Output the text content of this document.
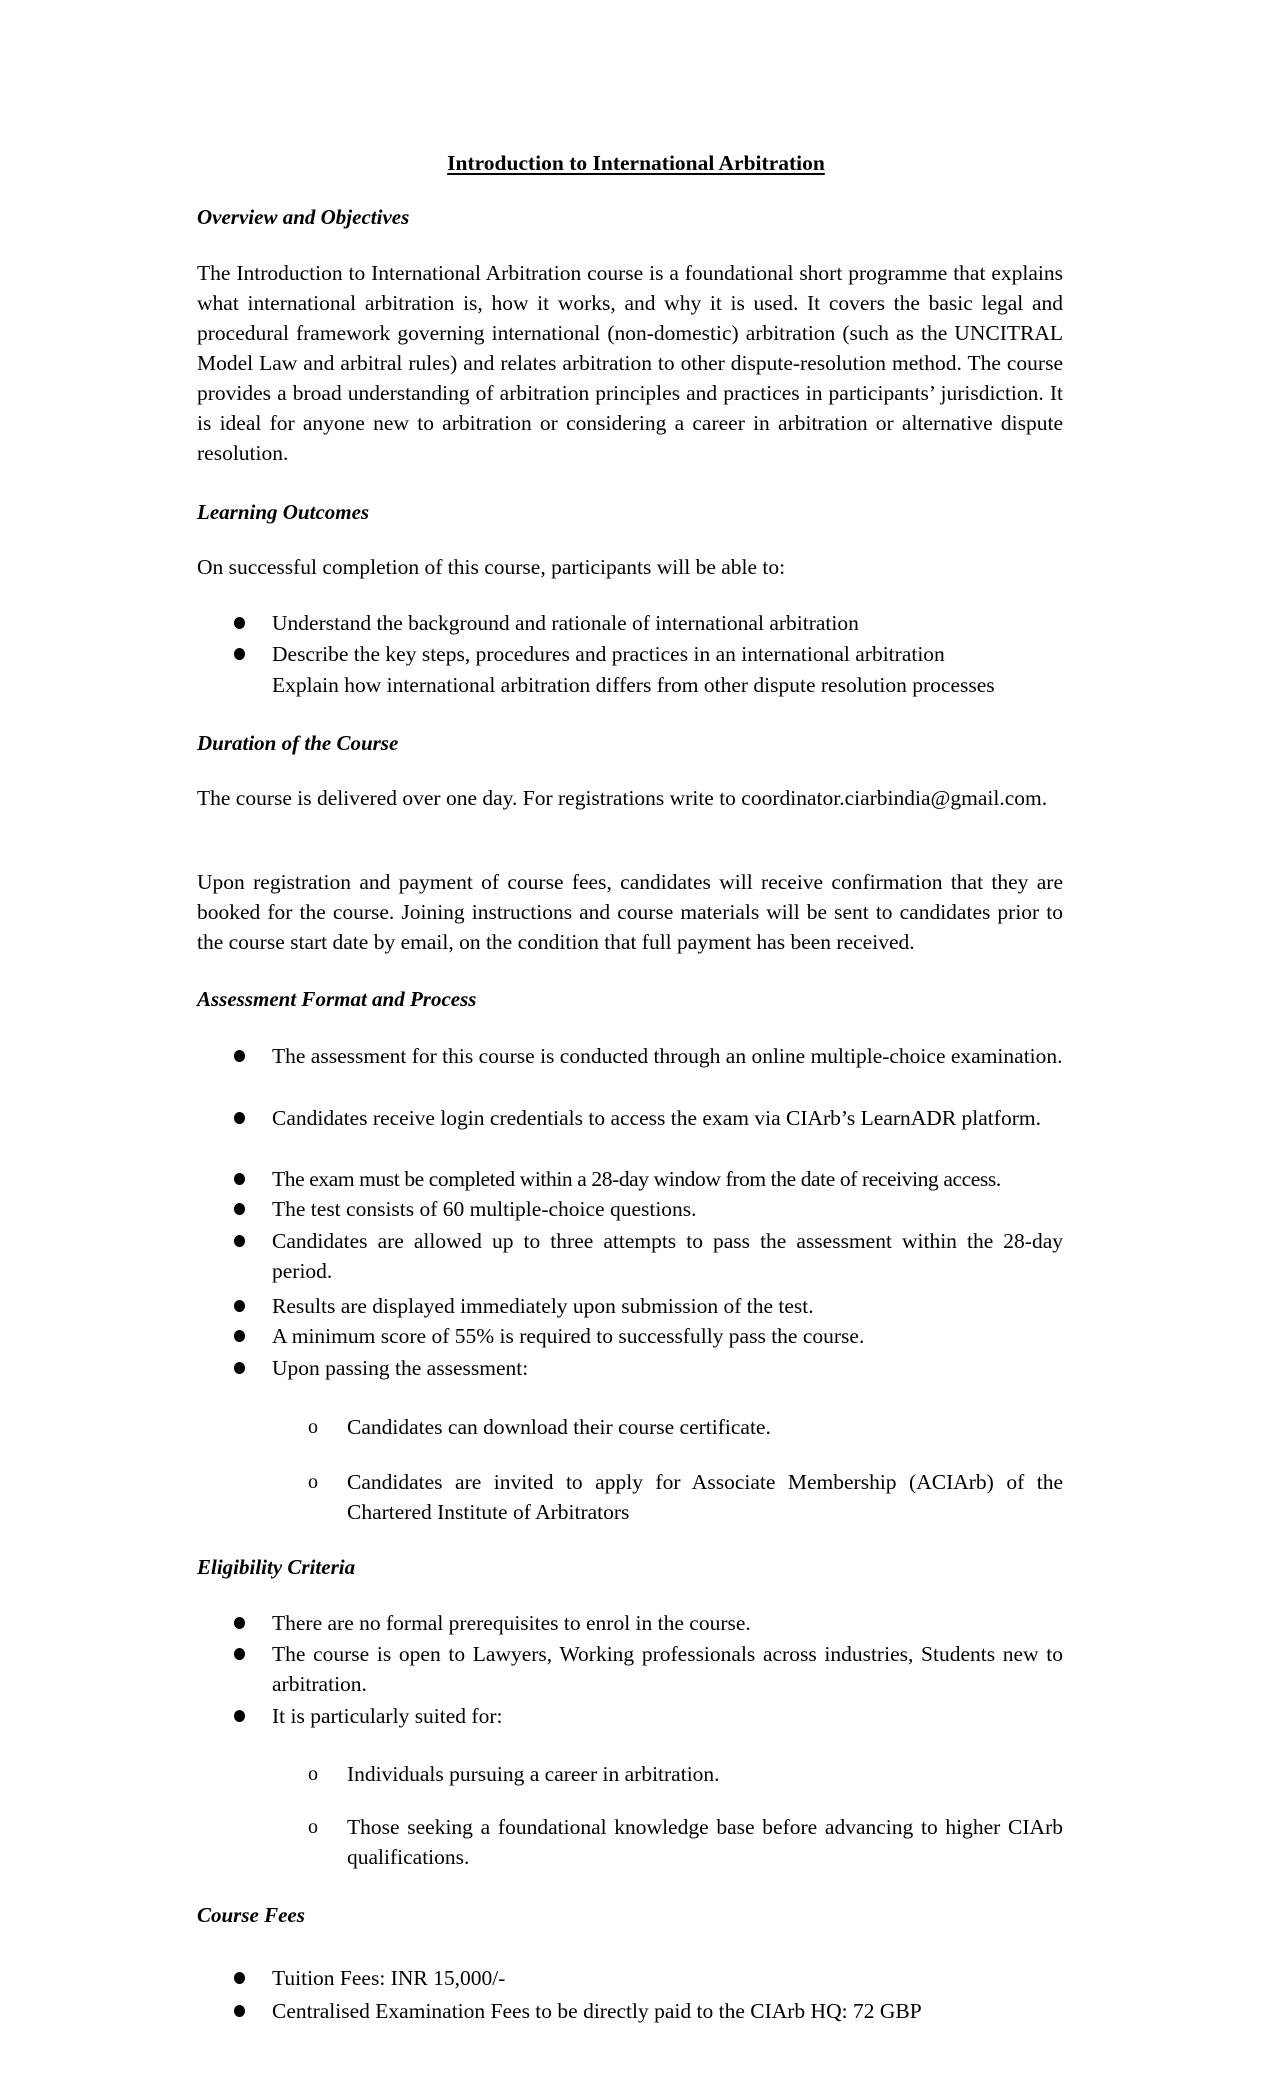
Introduction to International Arbitration
Overview and Objectives
The Introduction to International Arbitration course is a foundational short programme that explains what international arbitration is, how it works, and why it is used. It covers the basic legal and procedural framework governing international (non-domestic) arbitration (such as the UNCITRAL Model Law and arbitral rules) and relates arbitration to other dispute-resolution method. The course provides a broad understanding of arbitration principles and practices in participants’ jurisdiction. It is ideal for anyone new to arbitration or considering a career in arbitration or alternative dispute resolution.
Learning Outcomes
On successful completion of this course, participants will be able to:
Understand the background and rationale of international arbitration
Describe the key steps, procedures and practices in an international arbitration
Explain how international arbitration differs from other dispute resolution processes
Duration of the Course
The course is delivered over one day. For registrations write to coordinator.ciarbindia@gmail.com.
Upon registration and payment of course fees, candidates will receive confirmation that they are booked for the course. Joining instructions and course materials will be sent to candidates prior to the course start date by email, on the condition that full payment has been received.
Assessment Format and Process
The assessment for this course is conducted through an online multiple-choice examination.
Candidates receive login credentials to access the exam via CIArb’s LearnADR platform.
The exam must be completed within a 28-day window from the date of receiving access.
The test consists of 60 multiple-choice questions.
Candidates are allowed up to three attempts to pass the assessment within the 28-day period.
Results are displayed immediately upon submission of the test.
A minimum score of 55% is required to successfully pass the course.
Upon passing the assessment:
o	Candidates can download their course certificate.
o	Candidates are invited to apply for Associate Membership (ACIArb) of the Chartered Institute of Arbitrators
Eligibility Criteria
There are no formal prerequisites to enrol in the course.
The course is open to Lawyers, Working professionals across industries, Students new to arbitration.
It is particularly suited for:
o	Individuals pursuing a career in arbitration.
o	Those seeking a foundational knowledge base before advancing to higher CIArb qualifications.
Course Fees
Tuition Fees: INR 15,000/-
Centralised Examination Fees to be directly paid to the CIArb HQ: 72 GBP
